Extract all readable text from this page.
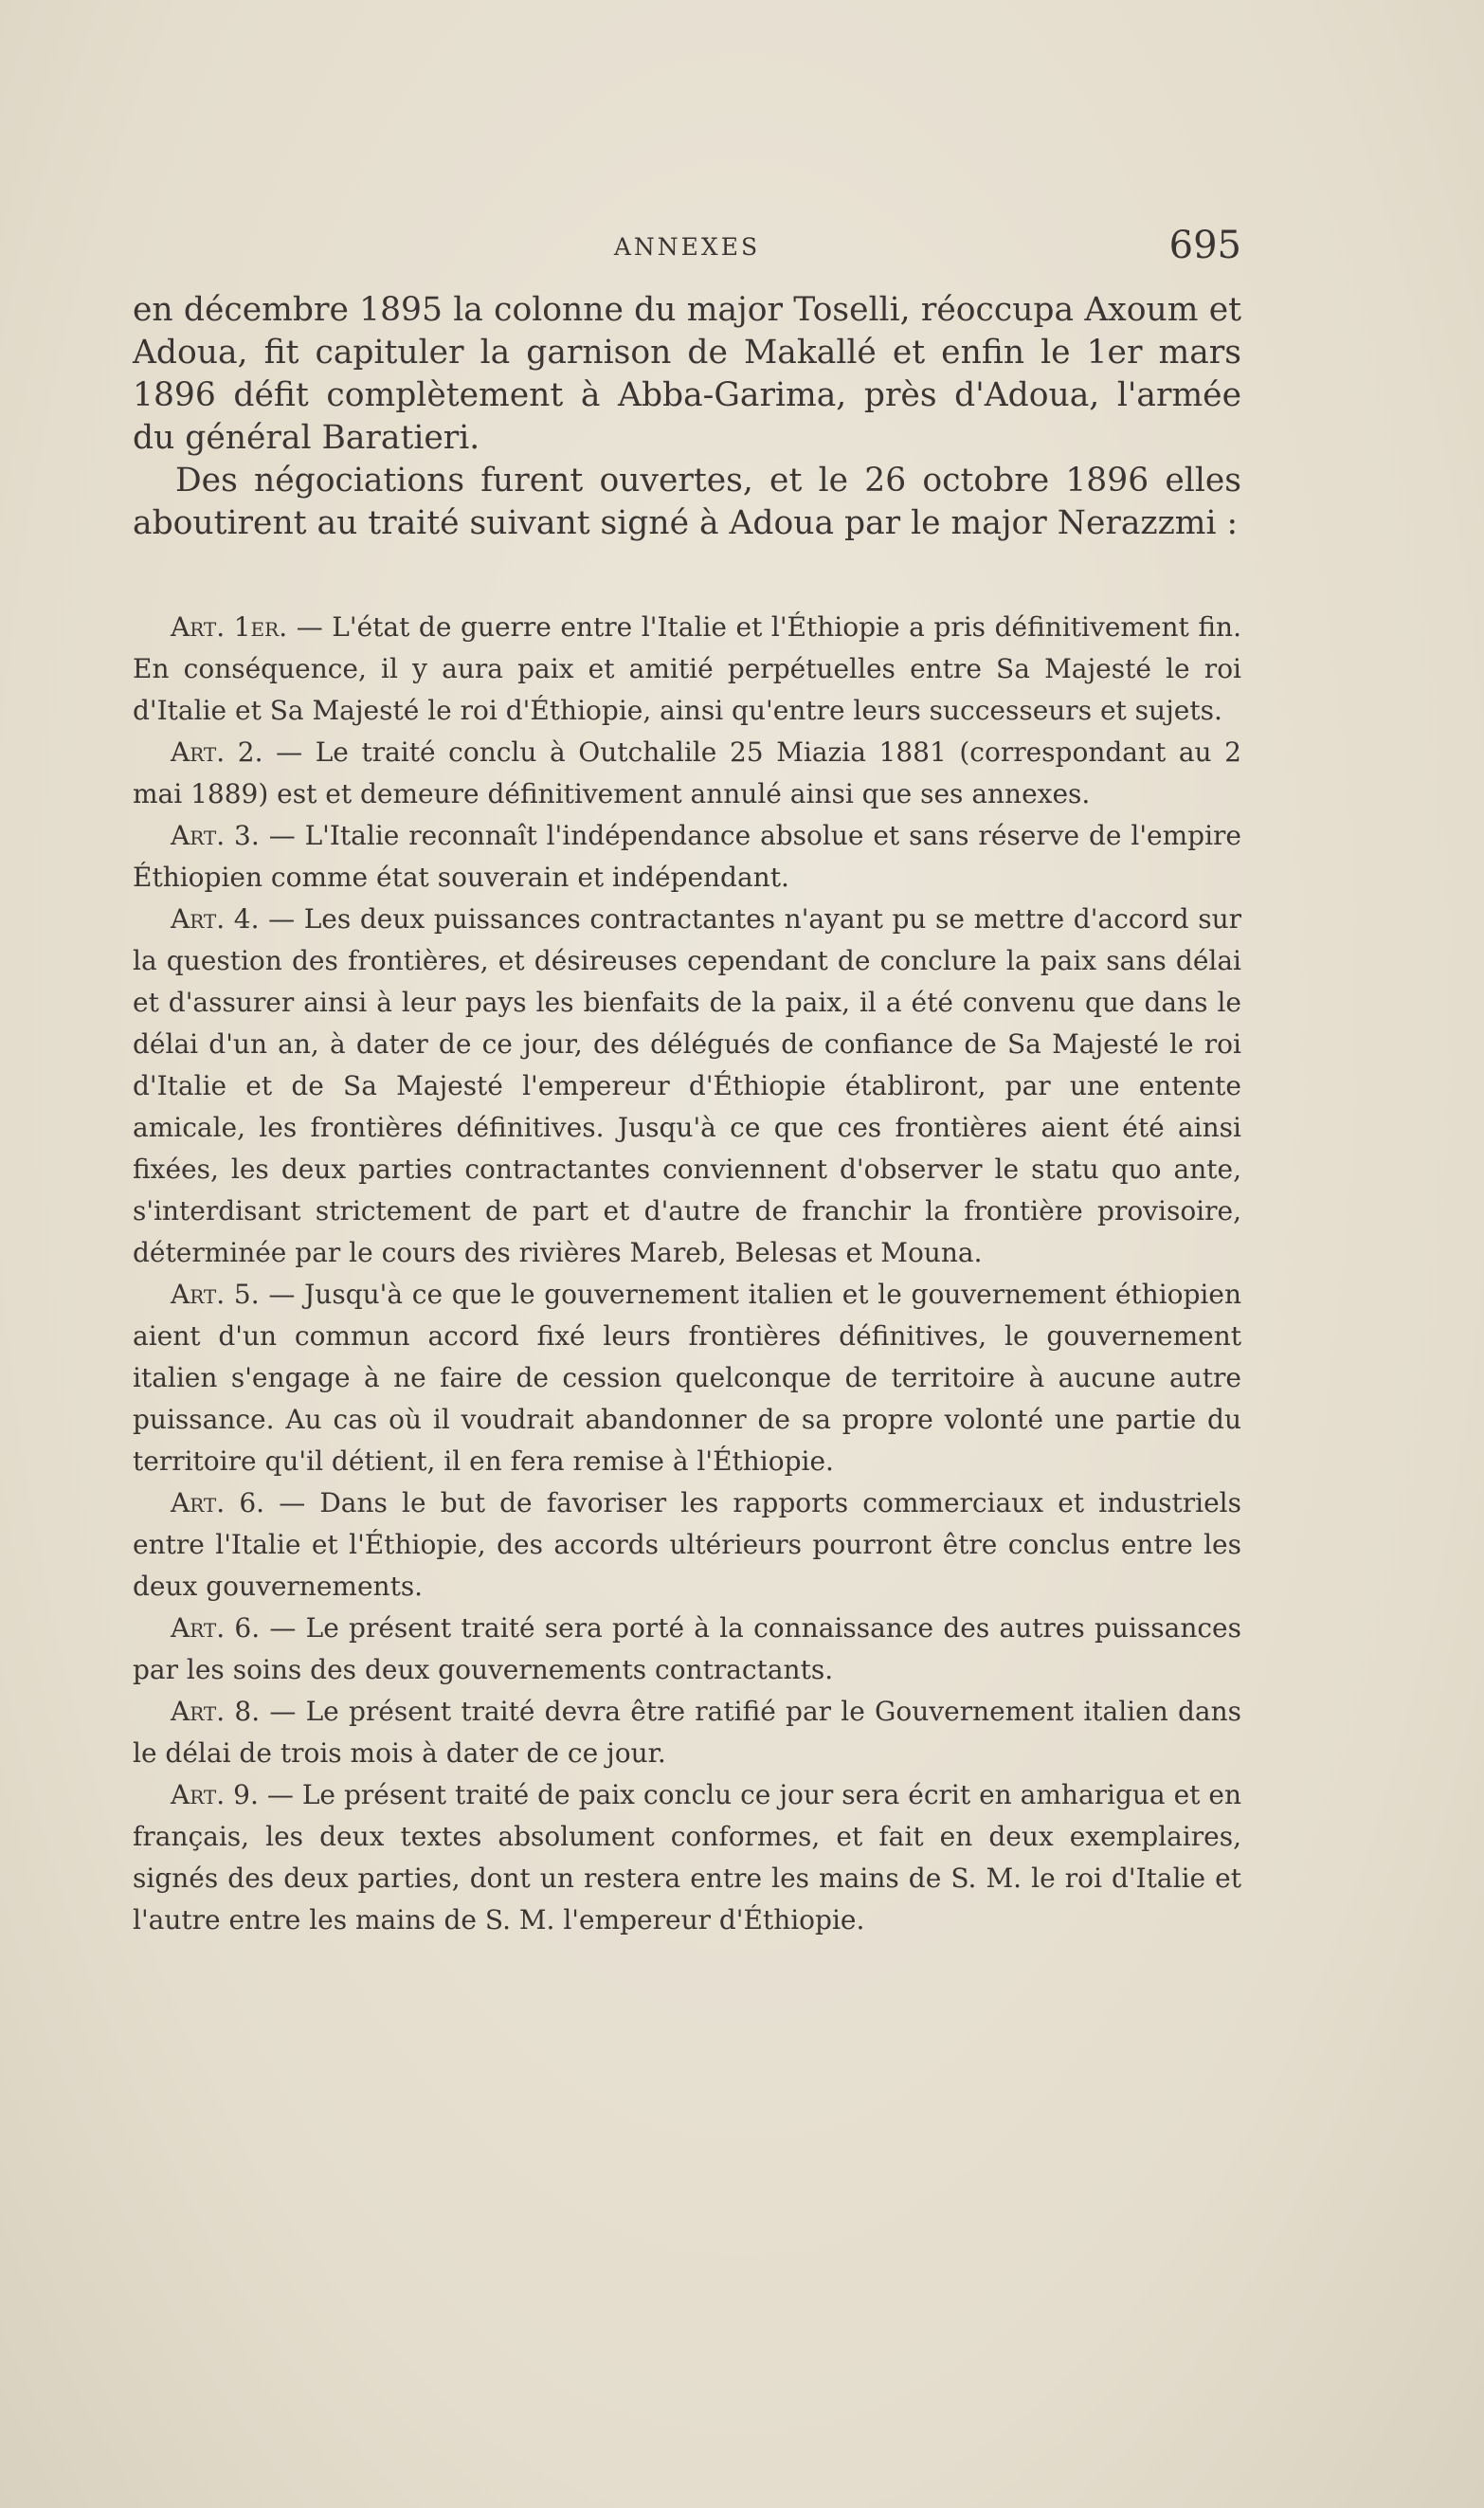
ANNEXES	695

en décembre 1895 la colonne du major Toselli, réoccupa Axoum et Adoua, fit capituler la garnison de Makallé et enfin le 1er mars 1896 défit complètement à Abba-Garima, près d'Adoua, l'armée du général Baratieri.

Des négociations furent ouvertes, et le 26 octobre 1896 elles aboutirent au traité suivant signé à Adoua par le major Nerazzmi :

Art. 1er. — L'état de guerre entre l'Italie et l'Éthiopie a pris définitivement fin. En conséquence, il y aura paix et amitié perpétuelles entre Sa Majesté le roi d'Italie et Sa Majesté le roi d'Éthiopie, ainsi qu'entre leurs successeurs et sujets.

Art. 2. — Le traité conclu à Outchalile 25 Miazia 1881 (correspondant au 2 mai 1889) est et demeure définitivement annulé ainsi que ses annexes.

Art. 3. — L'Italie reconnaît l'indépendance absolue et sans réserve de l'empire Éthiopien comme état souverain et indépendant.

Art. 4. — Les deux puissances contractantes n'ayant pu se mettre d'accord sur la question des frontières, et désireuses cependant de conclure la paix sans délai et d'assurer ainsi à leur pays les bienfaits de la paix, il a été convenu que dans le délai d'un an, à dater de ce jour, des délégués de confiance de Sa Majesté le roi d'Italie et de Sa Majesté l'empereur d'Éthiopie établiront, par une entente amicale, les frontières définitives. Jusqu'à ce que ces frontières aient été ainsi fixées, les deux parties contractantes conviennent d'observer le statu quo ante, s'interdisant strictement de part et d'autre de franchir la frontière provisoire, déterminée par le cours des rivières Mareb, Belesas et Mouna.

Art. 5. — Jusqu'à ce que le gouvernement italien et le gouvernement éthiopien aient d'un commun accord fixé leurs frontières définitives, le gouvernement italien s'engage à ne faire de cession quelconque de territoire à aucune autre puissance. Au cas où il voudrait abandonner de sa propre volonté une partie du territoire qu'il détient, il en fera remise à l'Éthiopie.

Art. 6. — Dans le but de favoriser les rapports commerciaux et industriels entre l'Italie et l'Éthiopie, des accords ultérieurs pourront être conclus entre les deux gouvernements.

Art. 6. — Le présent traité sera porté à la connaissance des autres puissances par les soins des deux gouvernements contractants.

Art. 8. — Le présent traité devra être ratifié par le Gouvernement italien dans le délai de trois mois à dater de ce jour.

Art. 9. — Le présent traité de paix conclu ce jour sera écrit en amharigua et en français, les deux textes absolument conformes, et fait en deux exemplaires, signés des deux parties, dont un restera entre les mains de S. M. le roi d'Italie et l'autre entre les mains de S. M. l'empereur d'Éthiopie.
